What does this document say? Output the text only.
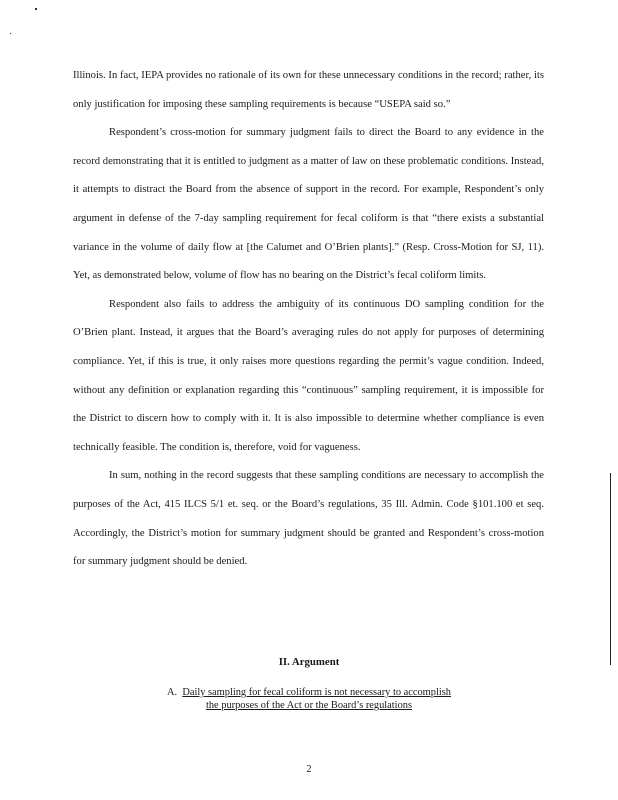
Illinois. In fact, IEPA provides no rationale of its own for these unnecessary conditions in the record; rather, its only justification for imposing these sampling requirements is because “USEPA said so.”

Respondent’s cross-motion for summary judgment fails to direct the Board to any evidence in the record demonstrating that it is entitled to judgment as a matter of law on these problematic conditions. Instead, it attempts to distract the Board from the absence of support in the record. For example, Respondent’s only argument in defense of the 7-day sampling requirement for fecal coliform is that “there exists a substantial variance in the volume of daily flow at [the Calumet and O’Brien plants].” (Resp. Cross-Motion for SJ, 11). Yet, as demonstrated below, volume of flow has no bearing on the District’s fecal coliform limits.

Respondent also fails to address the ambiguity of its continuous DO sampling condition for the O’Brien plant. Instead, it argues that the Board’s averaging rules do not apply for purposes of determining compliance. Yet, if this is true, it only raises more questions regarding the permit’s vague condition. Indeed, without any definition or explanation regarding this “continuous” sampling requirement, it is impossible for the District to discern how to comply with it. It is also impossible to determine whether compliance is even technically feasible. The condition is, therefore, void for vagueness.

In sum, nothing in the record suggests that these sampling conditions are necessary to accomplish the purposes of the Act, 415 ILCS 5/1 et. seq. or the Board’s regulations, 35 Ill. Admin. Code §101.100 et seq. Accordingly, the District’s motion for summary judgment should be granted and Respondent’s cross-motion for summary judgment should be denied.

II. Argument
A. Daily sampling for fecal coliform is not necessary to accomplish
the purposes of the Act or the Board’s regulations
2
